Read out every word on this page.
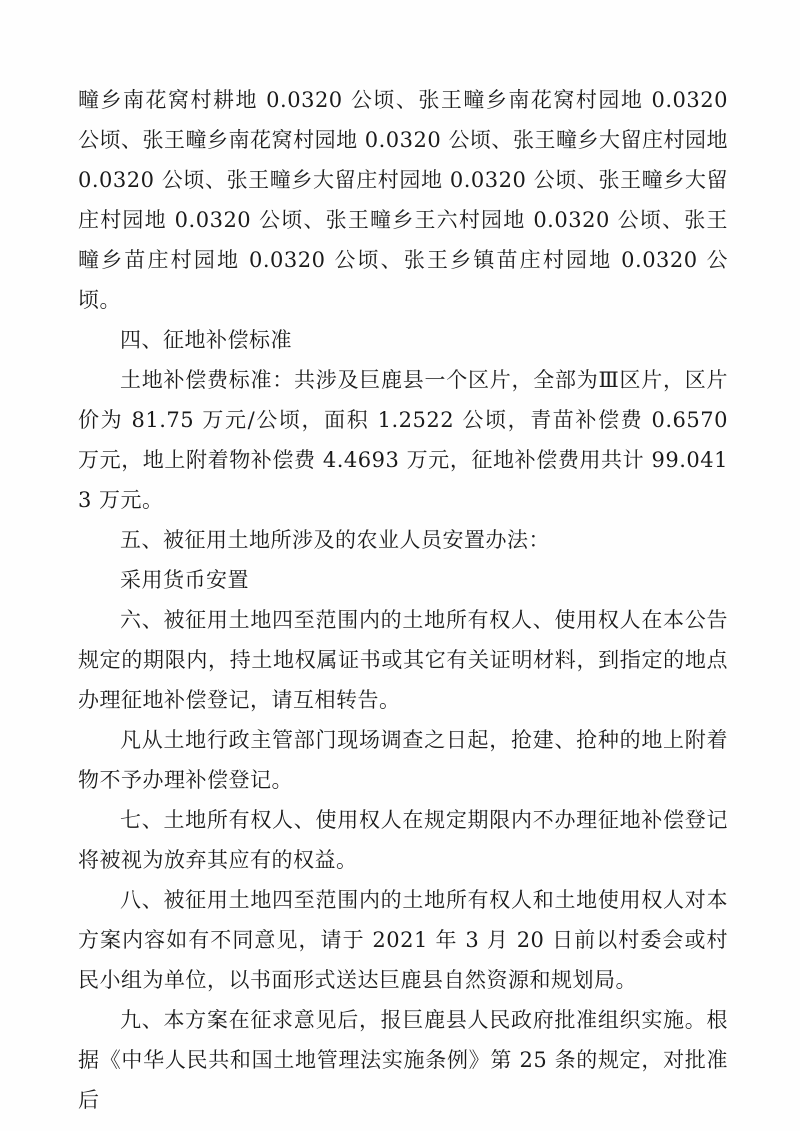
疃乡南花窝村耕地 0.0320 公顷、张王疃乡南花窝村园地 0.0320 公顷、张王疃乡南花窝村园地 0.0320 公顷、张王疃乡大留庄村园地 0.0320 公顷、张王疃乡大留庄村园地 0.0320 公顷、张王疃乡大留庄村园地 0.0320 公顷、张王疃乡王六村园地 0.0320 公顷、张王疃乡苗庄村园地 0.0320 公顷、张王乡镇苗庄村园地 0.0320 公顷。

四、征地补偿标准

土地补偿费标准：共涉及巨鹿县一个区片，全部为Ⅲ区片，区片价为 81.75 万元/公顷，面积 1.2522 公顷，青苗补偿费 0.6570 万元，地上附着物补偿费 4.4693 万元，征地补偿费用共计 99.0413 万元。

五、被征用土地所涉及的农业人员安置办法：

采用货币安置

六、被征用土地四至范围内的土地所有权人、使用权人在本公告规定的期限内，持土地权属证书或其它有关证明材料，到指定的地点办理征地补偿登记，请互相转告。

凡从土地行政主管部门现场调查之日起，抢建、抢种的地上附着物不予办理补偿登记。

七、土地所有权人、使用权人在规定期限内不办理征地补偿登记将被视为放弃其应有的权益。

八、被征用土地四至范围内的土地所有权人和土地使用权人对本方案内容如有不同意见，请于 2021 年 3 月 20 日前以村委会或村民小组为单位，以书面形式送达巨鹿县自然资源和规划局。

九、本方案在征求意见后，报巨鹿县人民政府批准组织实施。根据《中华人民共和国土地管理法实施条例》第 25 条的规定，对批准后
